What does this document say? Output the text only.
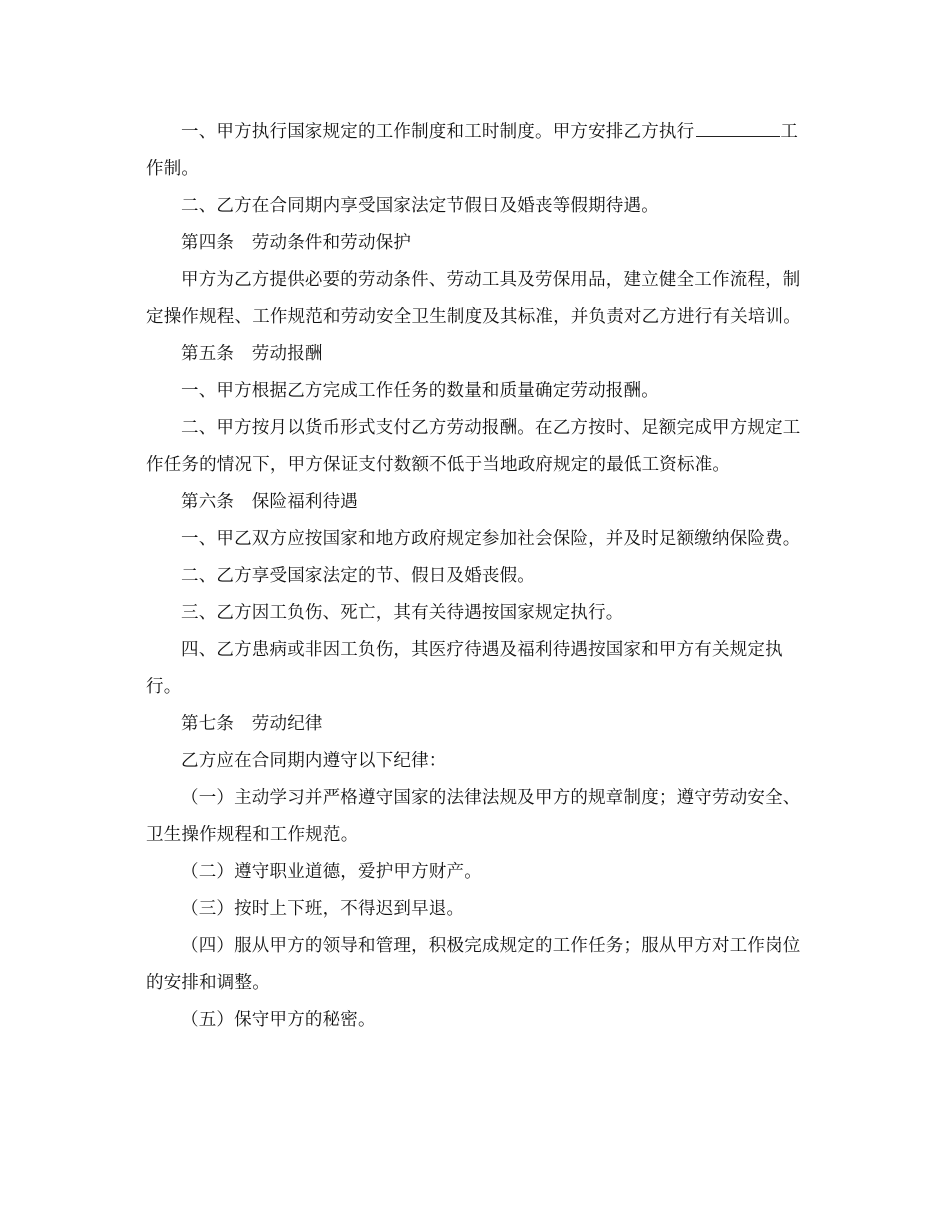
一、甲方执行国家规定的工作制度和工时制度。甲方安排乙方执行	工作制。

二、乙方在合同期内享受国家法定节假日及婚丧等假期待遇。

第四条　劳动条件和劳动保护

甲方为乙方提供必要的劳动条件、劳动工具及劳保用品，建立健全工作流程，制定操作规程、工作规范和劳动安全卫生制度及其标准，并负责对乙方进行有关培训。

第五条　劳动报酬

一、甲方根据乙方完成工作任务的数量和质量确定劳动报酬。

二、甲方按月以货币形式支付乙方劳动报酬。在乙方按时、足额完成甲方规定工作任务的情况下，甲方保证支付数额不低于当地政府规定的最低工资标准。

第六条　保险福利待遇

一、甲乙双方应按国家和地方政府规定参加社会保险，并及时足额缴纳保险费。

二、乙方享受国家法定的节、假日及婚丧假。

三、乙方因工负伤、死亡，其有关待遇按国家规定执行。

四、乙方患病或非因工负伤，其医疗待遇及福利待遇按国家和甲方有关规定执行。

第七条　劳动纪律

乙方应在合同期内遵守以下纪律：

（一）主动学习并严格遵守国家的法律法规及甲方的规章制度；遵守劳动安全、卫生操作规程和工作规范。

（二）遵守职业道德，爱护甲方财产。

（三）按时上下班，不得迟到早退。

（四）服从甲方的领导和管理，积极完成规定的工作任务；服从甲方对工作岗位的安排和调整。

（五）保守甲方的秘密。
